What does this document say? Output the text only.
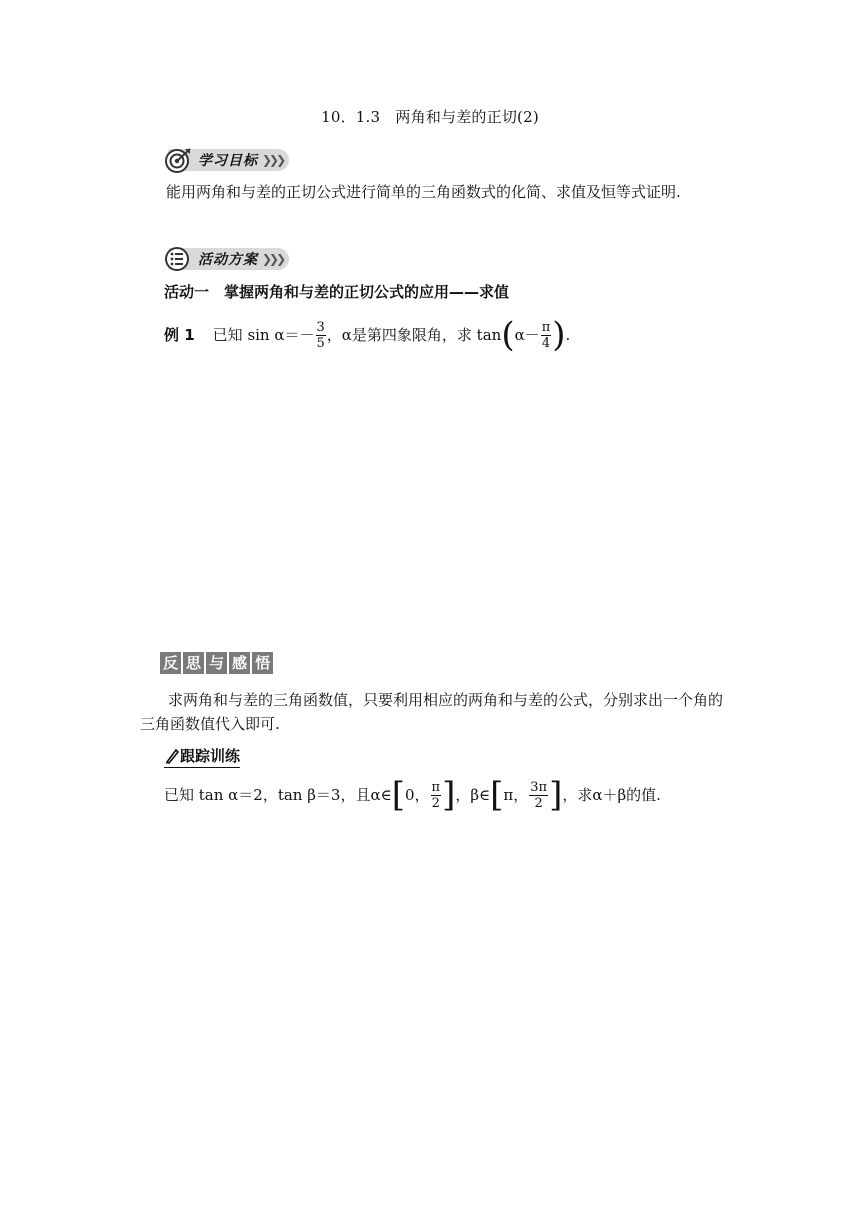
10．1.3　两角和与差的正切(2)
学习目标 ❯❯❯
能用两角和与差的正切公式进行简单的三角函数式的化简、求值及恒等式证明.
活动方案 ❯❯❯
活动一　掌握两角和与差的正切公式的应用——求值
例 1 已知 $\sin \alpha=- \frac{3}{5}$ ，α是第四象限角，求 tan ( $\alpha- \frac{\pi}{4}$ ) .
反 思 与 感 悟
求两角和与差的三角函数值，只要利用相应的两角和与差的公式，分别求出一个角的三角函数值代入即可.
跟踪训练
已知 tan α＝2，tan β＝3，且α∈ [ 0， $\frac{\pi}{2}$ ] ，β∈ [ π， $\frac{3\pi}{2}$ ] ，求α＋β的值.
